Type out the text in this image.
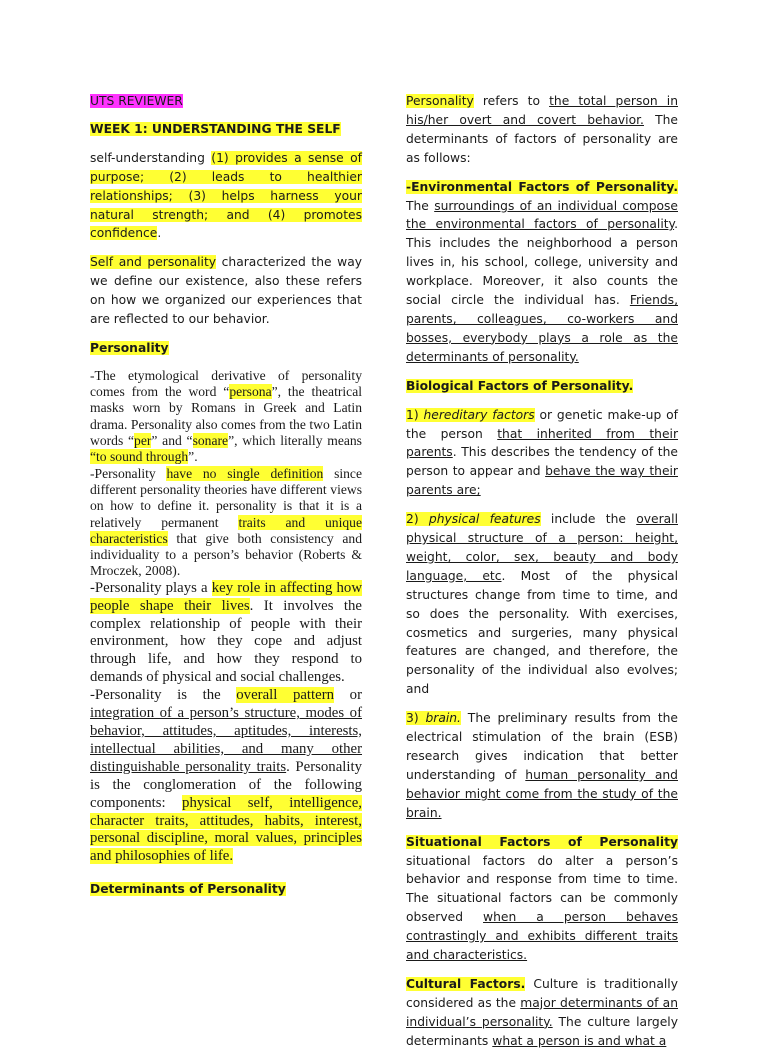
UTS REVIEWER
WEEK 1: UNDERSTANDING THE SELF

self-understanding (1) provides a sense of purpose; (2) leads to healthier relationships; (3) helps harness your natural strength; and (4) promotes confidence.

Self and personality characterized the way we define our existence, also these refers on how we organized our experiences that are reflected to our behavior.

Personality

-The etymological derivative of personality comes from the word “persona”, the theatrical masks worn by Romans in Greek and Latin drama. Personality also comes from the two Latin words “per” and “sonare”, which literally means “to sound through”.

-Personality have no single definition since different personality theories have different views on how to define it. personality is that it is a relatively permanent traits and unique characteristics that give both consistency and individuality to a person’s behavior (Roberts & Mroczek, 2008).

-Personality plays a key role in affecting how people shape their lives. It involves the complex relationship of people with their environment, how they cope and adjust through life, and how they respond to demands of physical and social challenges.

-Personality is the overall pattern or integration of a person’s structure, modes of behavior, attitudes, aptitudes, interests, intellectual abilities, and many other distinguishable personality traits. Personality is the conglomeration of the following components: physical self, intelligence, character traits, attitudes, habits, interest, personal discipline, moral values, principles and philosophies of life.

Determinants of Personality

Personality refers to the total person in his/her overt and covert behavior. The determinants of factors of personality are as follows:

-Environmental Factors of Personality. The surroundings of an individual compose the environmental factors of personality. This includes the neighborhood a person lives in, his school, college, university and workplace. Moreover, it also counts the social circle the individual has. Friends, parents, colleagues, co-workers and bosses, everybody plays a role as the determinants of personality.

Biological Factors of Personality.

1) hereditary factors or genetic make-up of the person that inherited from their parents. This describes the tendency of the person to appear and behave the way their parents are;

2) physical features include the overall physical structure of a person: height, weight, color, sex, beauty and body language, etc. Most of the physical structures change from time to time, and so does the personality. With exercises, cosmetics and surgeries, many physical features are changed, and therefore, the personality of the individual also evolves; and

3) brain. The preliminary results from the electrical stimulation of the brain (ESB) research gives indication that better understanding of human personality and behavior might come from the study of the brain.

Situational Factors of Personality situational factors do alter a person’s behavior and response from time to time. The situational factors can be commonly observed when a person behaves contrastingly and exhibits different traits and characteristics.

Cultural Factors. Culture is traditionally considered as the major determinants of an individual’s personality. The culture largely determinants what a person is and what a
